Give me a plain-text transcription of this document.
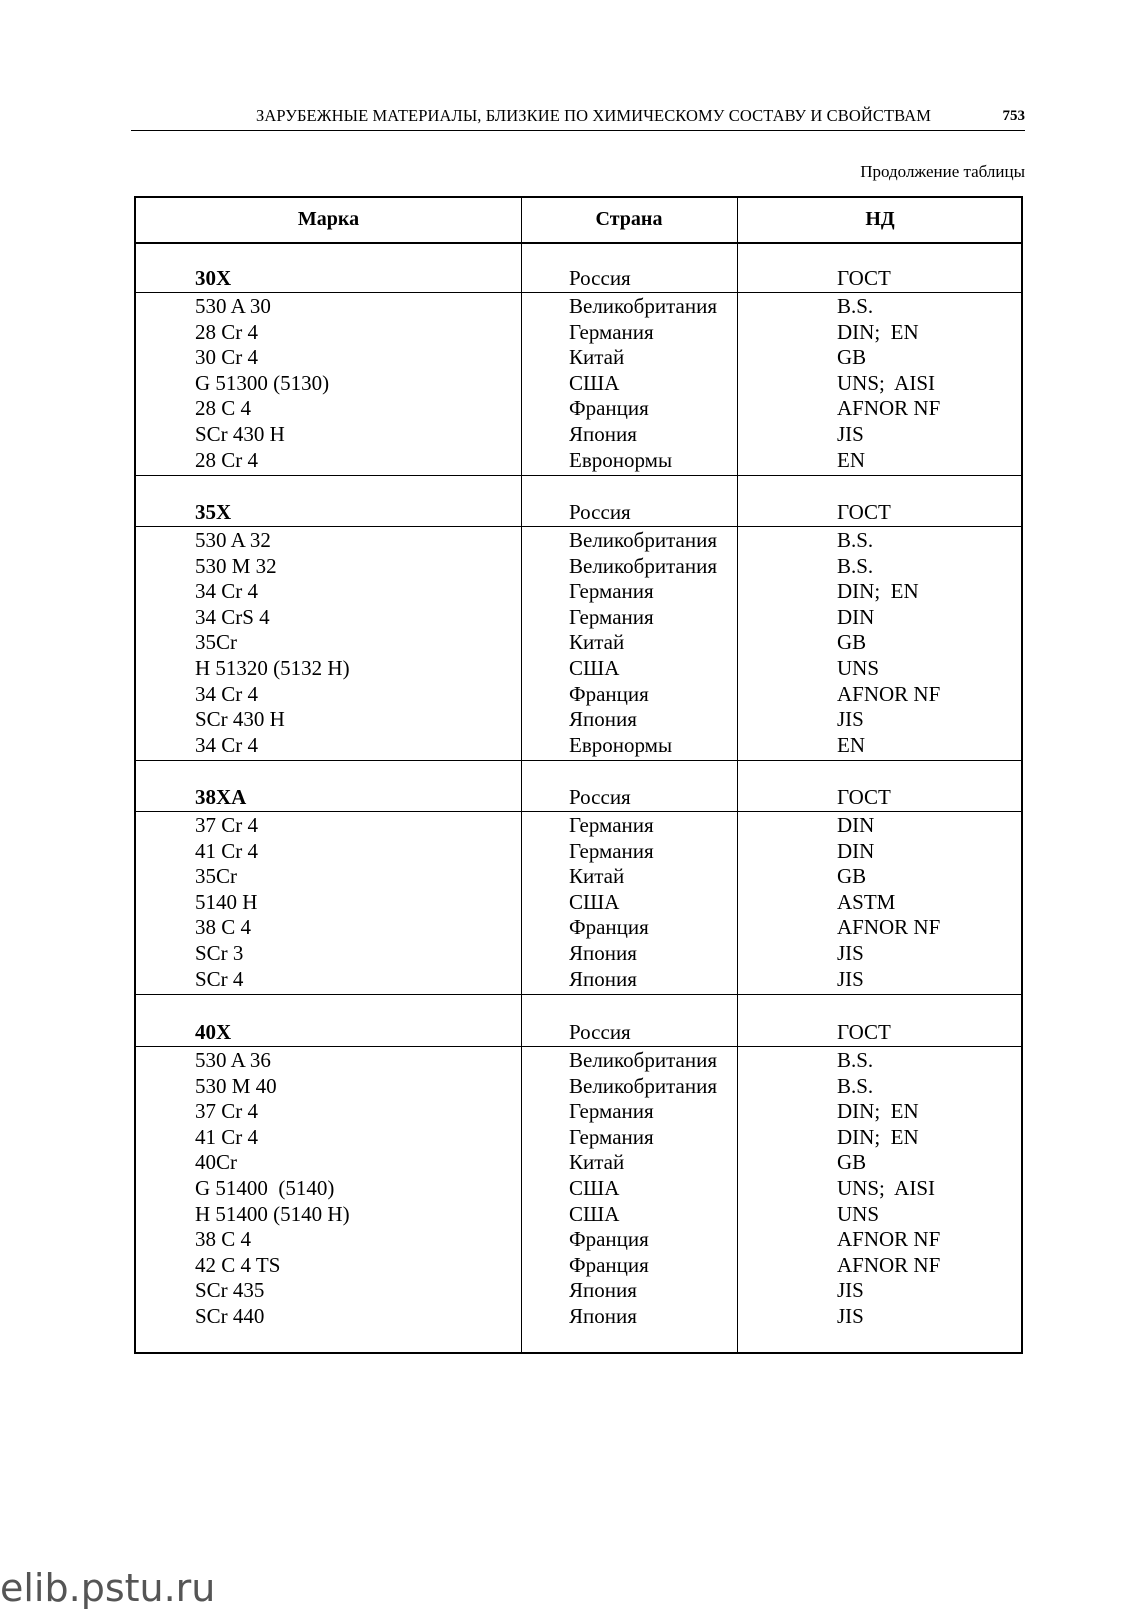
ЗАРУБЕЖНЫЕ МАТЕРИАЛЫ, БЛИЗКИЕ ПО ХИМИЧЕСКОМУ СОСТАВУ И СВОЙСТВАМ	753
Продолжение таблицы
Марка	Страна	НД
30Х	Россия	ГОСТ
530 A 30	Великобритания	B.S.
28 Cr 4	Германия	DIN;  EN
30 Cr 4	Китай	GB
G 51300 (5130)	США	UNS;  AISI
28 C 4	Франция	AFNOR NF
SCr 430 H	Япония	JIS
28 Cr 4	Евронормы	EN
35Х	Россия	ГОСТ
530 A 32	Великобритания	B.S.
530 M 32	Великобритания	B.S.
34 Cr 4	Германия	DIN;  EN
34 CrS 4	Германия	DIN
35Cr	Китай	GB
H 51320 (5132 H)	США	UNS
34 Cr 4	Франция	AFNOR NF
SCr 430 H	Япония	JIS
34 Cr 4	Евронормы	EN
38ХА	Россия	ГОСТ
37 Cr 4	Германия	DIN
41 Cr 4	Германия	DIN
35Cr	Китай	GB
5140 H	США	ASTM
38 C 4	Франция	AFNOR NF
SCr 3	Япония	JIS
SCr 4	Япония	JIS
40Х	Россия	ГОСТ
530 A 36	Великобритания	B.S.
530 M 40	Великобритания	B.S.
37 Cr 4	Германия	DIN;  EN
41 Cr 4	Германия	DIN;  EN
40Cr	Китай	GB
G 51400  (5140)	США	UNS;  AISI
H 51400 (5140 H)	США	UNS
38 C 4	Франция	AFNOR NF
42 C 4 TS	Франция	AFNOR NF
SCr 435	Япония	JIS
SCr 440	Япония	JIS
elib.pstu.ru
